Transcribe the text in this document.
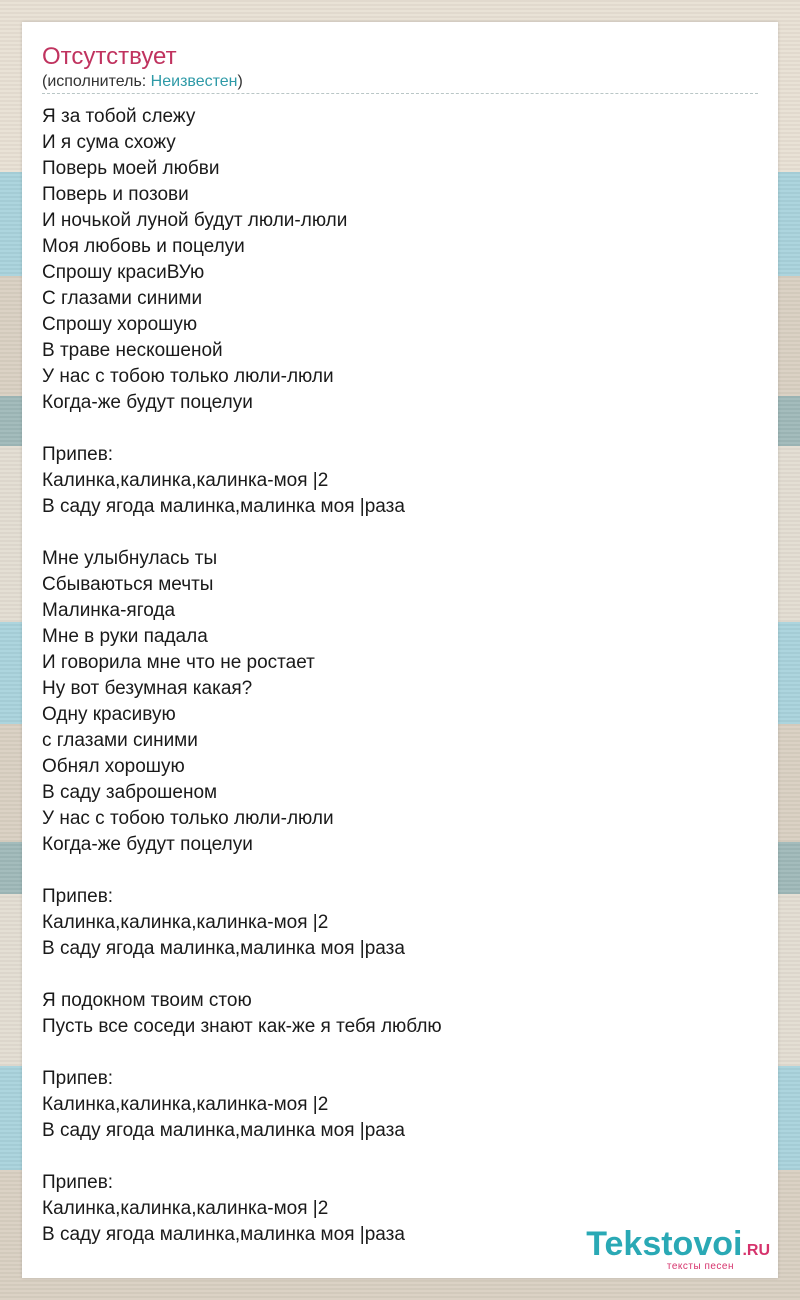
Отсутствует
(исполнитель: Неизвестен)
Я за тобой слежу
И я сума схожу
Поверь моей любви
Поверь и позови
И ночькой луной будут люли-люли
Моя любовь и поцелуи
Спрошу красиВУю
С глазами синими
Спрошу хорошую
В траве нескошеной
У нас с тобою только люли-люли
Когда-же будут поцелуи
Припев:
Калинка,калинка,калинка-моя |2
В саду ягода малинка,малинка моя |раза
Мне улыбнулась ты
Сбываються мечты
Малинка-ягода
Мне в руки падала
И говорила мне что не ростает
Ну вот безумная какая?
Одну красивую
с глазами синими
Обнял хорошую
В саду заброшеном
У нас с тобою только люли-люли
Когда-же будут поцелуи
Припев:
Калинка,калинка,калинка-моя |2
В саду ягода малинка,малинка моя |раза
Я подокном твоим стою
Пусть все соседи знают как-же я тебя люблю
Припев:
Калинка,калинка,калинка-моя |2
В саду ягода малинка,малинка моя |раза
Припев:
Калинка,калинка,калинка-моя |2
В саду ягода малинка,малинка моя |раза	Tekstovoi.RU
тексты песен
